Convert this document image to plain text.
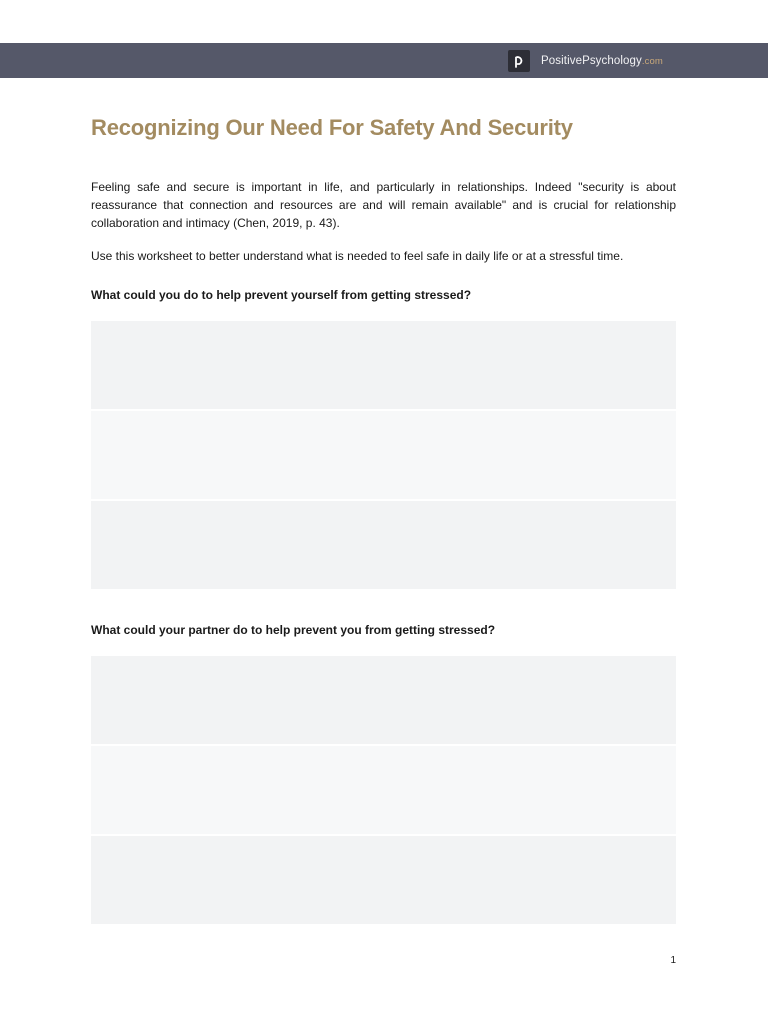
PositivePsychology.com
Recognizing Our Need For Safety And Security

Feeling safe and secure is important in life, and particularly in relationships. Indeed "security is about reassurance that connection and resources are and will remain available" and is crucial for relationship collaboration and intimacy (Chen, 2019, p. 43).

Use this worksheet to better understand what is needed to feel safe in daily life or at a stressful time.

What could you do to help prevent yourself from getting stressed?

What could your partner do to help prevent you from getting stressed?

1
